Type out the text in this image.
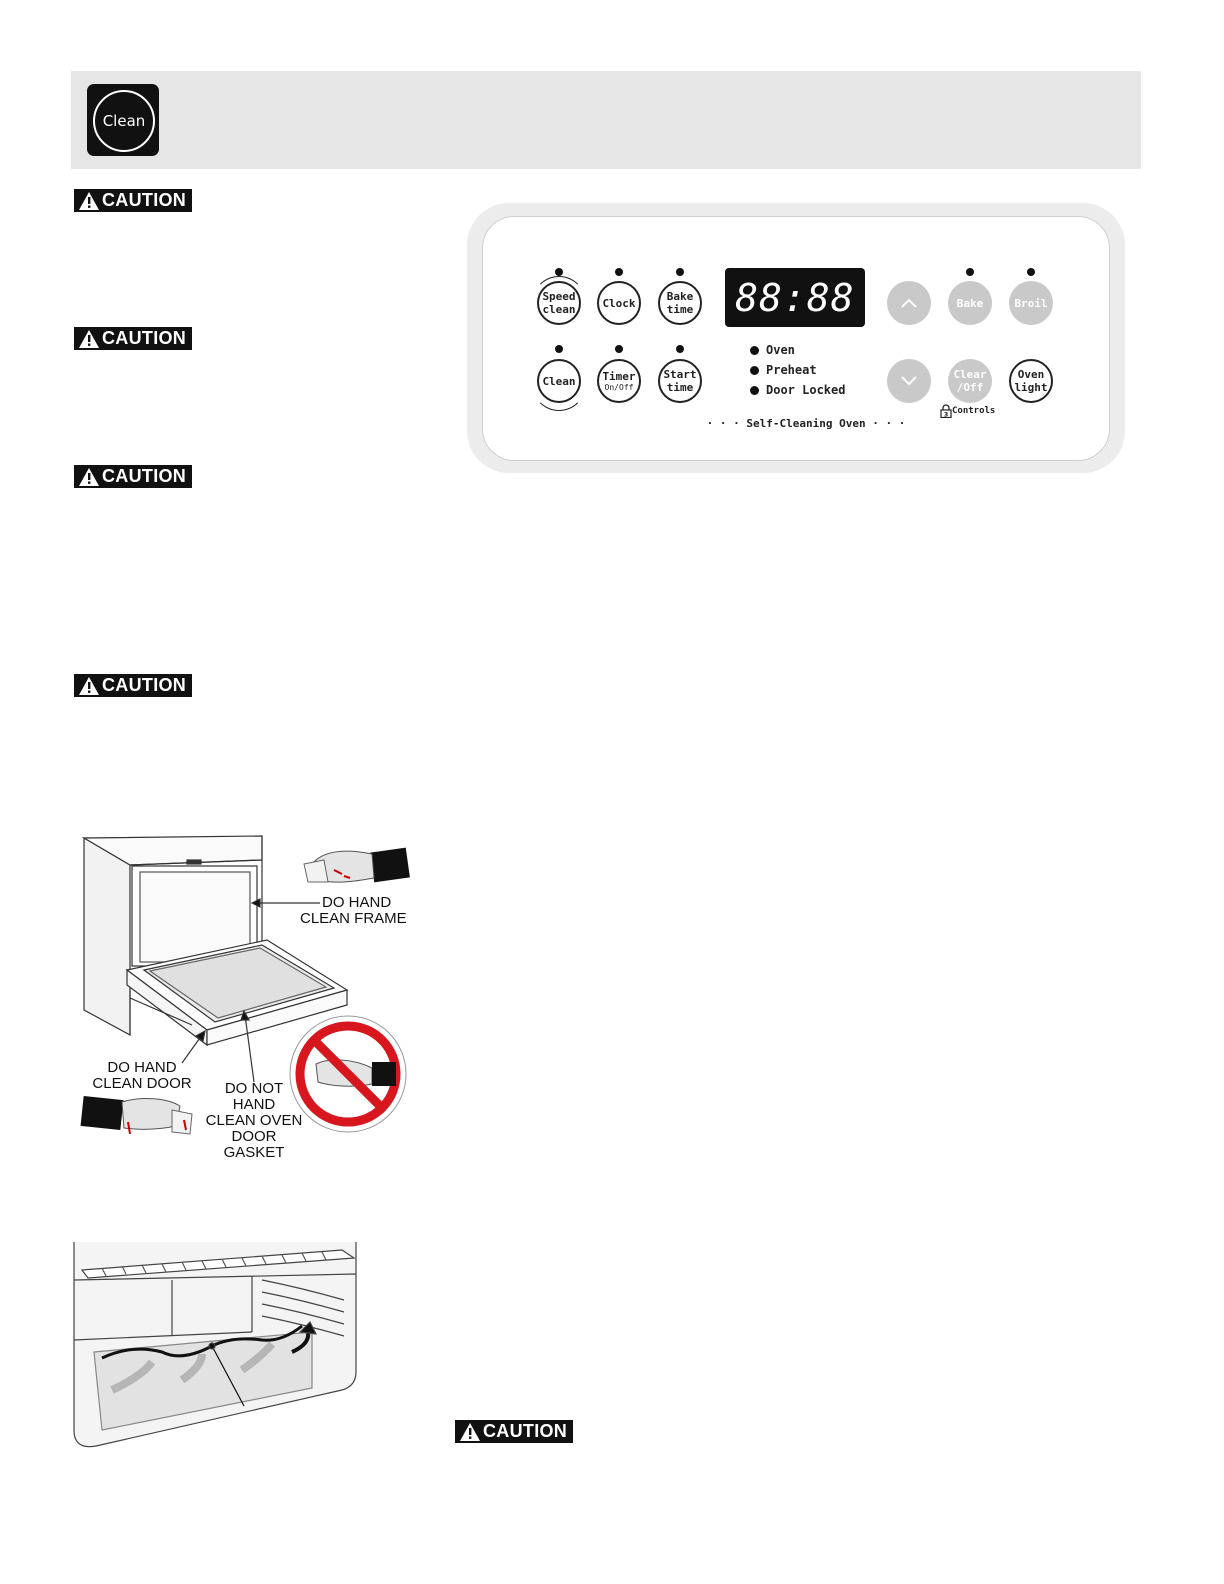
Clean
CAUTION
CAUTION
CAUTION
CAUTION
CAUTION
Speed
clean Clock	Bake
time 88:88	Bake	Broil
Clean Timer
On/Off
Start
time
Oven
Preheat
Door Locked
Clear
/Off
Oven
light
3 Controls
· · · Self-Cleaning Oven · · ·
DO HAND
CLEAN FRAME
DO HAND
CLEAN DOOR	DO NOT
HAND
CLEAN OVEN
DOOR GASKET
